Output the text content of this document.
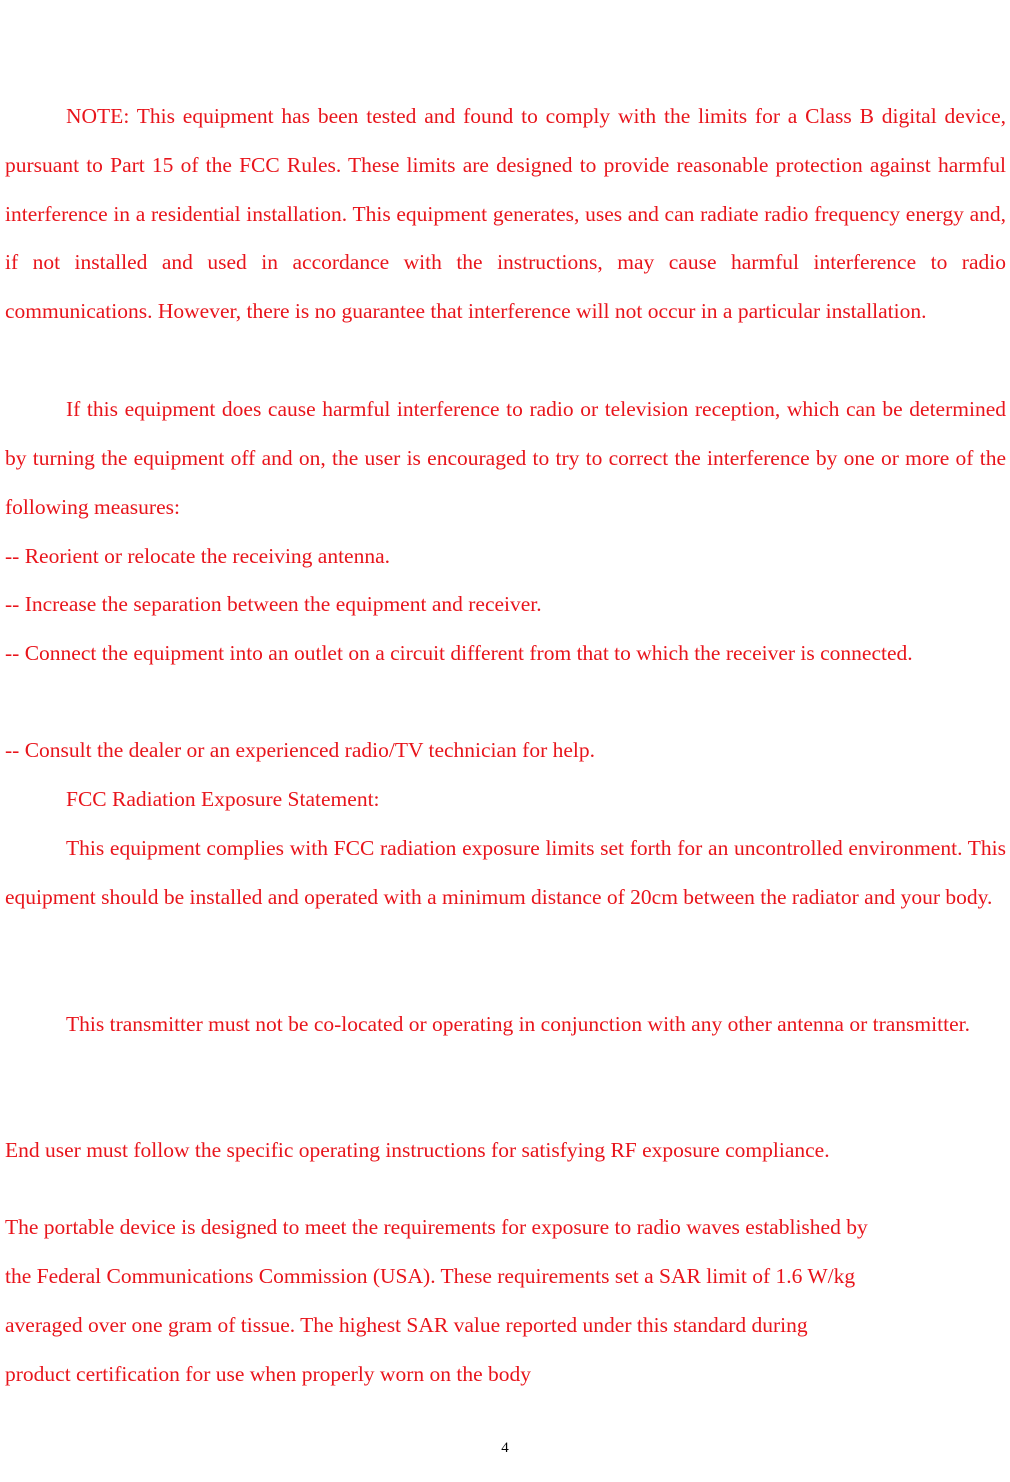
NOTE: This equipment has been tested and found to comply with the limits for a Class B digital device, pursuant to Part 15 of the FCC Rules. These limits are designed to provide reasonable protection against harmful interference in a residential installation. This equipment generates, uses and can radiate radio frequency energy and, if not installed and used in accordance with the instructions, may cause harmful interference to radio communications. However, there is no guarantee that interference will not occur in a particular installation.

If this equipment does cause harmful interference to radio or television reception, which can be determined by turning the equipment off and on, the user is encouraged to try to correct the interference by one or more of the following measures:

-- Reorient or relocate the receiving antenna.

-- Increase the separation between the equipment and receiver.

-- Connect the equipment into an outlet on a circuit different from that to which the receiver is connected.

-- Consult the dealer or an experienced radio/TV technician for help.

FCC Radiation Exposure Statement:

This equipment complies with FCC radiation exposure limits set forth for an uncontrolled environment. This equipment should be installed and operated with a minimum distance of 20cm between the radiator and your body.

This transmitter must not be co-located or operating in conjunction with any other antenna or transmitter.

End user must follow the specific operating instructions for satisfying RF exposure compliance.

The portable device is designed to meet the requirements for exposure to radio waves established by

the Federal Communications Commission (USA). These requirements set a SAR limit of 1.6 W/kg

averaged over one gram of tissue. The highest SAR value reported under this standard during

product certification for use when properly worn on the body

4
